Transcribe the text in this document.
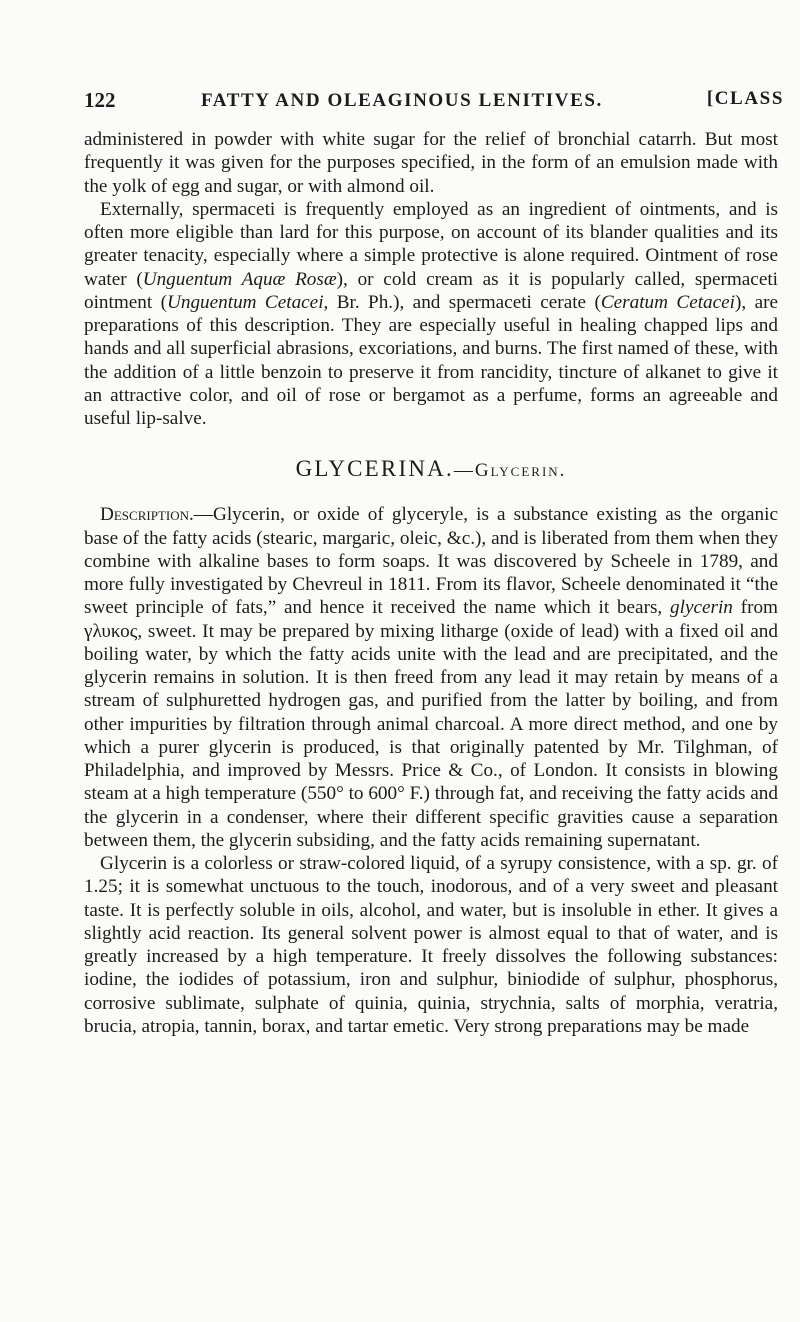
122	FATTY AND OLEAGINOUS LENITIVES.	[CLASS

administered in powder with white sugar for the relief of bronchial catarrh. But most frequently it was given for the purposes specified, in the form of an emulsion made with the yolk of egg and sugar, or with almond oil.

Externally, spermaceti is frequently employed as an ingredient of ointments, and is often more eligible than lard for this purpose, on account of its blander qualities and its greater tenacity, especially where a simple protective is alone required. Ointment of rose water (Unguentum Aquæ Rosæ), or cold cream as it is popularly called, spermaceti ointment (Unguentum Cetacei, Br. Ph.), and spermaceti cerate (Ceratum Cetacei), are preparations of this description. They are especially useful in healing chapped lips and hands and all superficial abrasions, excoriations, and burns. The first named of these, with the addition of a little benzoin to preserve it from rancidity, tincture of alkanet to give it an attractive color, and oil of rose or bergamot as a perfume, forms an agreeable and useful lip-salve.

GLYCERINA.—Glycerin.

Description.—Glycerin, or oxide of glyceryle, is a substance existing as the organic base of the fatty acids (stearic, margaric, oleic, &c.), and is liberated from them when they combine with alkaline bases to form soaps. It was discovered by Scheele in 1789, and more fully investigated by Chevreul in 1811. From its flavor, Scheele denominated it “the sweet principle of fats,” and hence it received the name which it bears, glycerin from γλυκος, sweet. It may be prepared by mixing litharge (oxide of lead) with a fixed oil and boiling water, by which the fatty acids unite with the lead and are precipitated, and the glycerin remains in solution. It is then freed from any lead it may retain by means of a stream of sulphuretted hydrogen gas, and purified from the latter by boiling, and from other impurities by filtration through animal charcoal. A more direct method, and one by which a purer glycerin is produced, is that originally patented by Mr. Tilghman, of Philadelphia, and improved by Messrs. Price & Co., of London. It consists in blowing steam at a high temperature (550° to 600° F.) through fat, and receiving the fatty acids and the glycerin in a condenser, where their different specific gravities cause a separation between them, the glycerin subsiding, and the fatty acids remaining supernatant.

Glycerin is a colorless or straw-colored liquid, of a syrupy consistence, with a sp. gr. of 1.25; it is somewhat unctuous to the touch, inodorous, and of a very sweet and pleasant taste. It is perfectly soluble in oils, alcohol, and water, but is insoluble in ether. It gives a slightly acid reaction. Its general solvent power is almost equal to that of water, and is greatly increased by a high temperature. It freely dissolves the following substances: iodine, the iodides of potassium, iron and sulphur, biniodide of sulphur, phosphorus, corrosive sublimate, sulphate of quinia, quinia, strychnia, salts of morphia, veratria, brucia, atropia, tannin, borax, and tartar emetic. Very strong preparations may be made
